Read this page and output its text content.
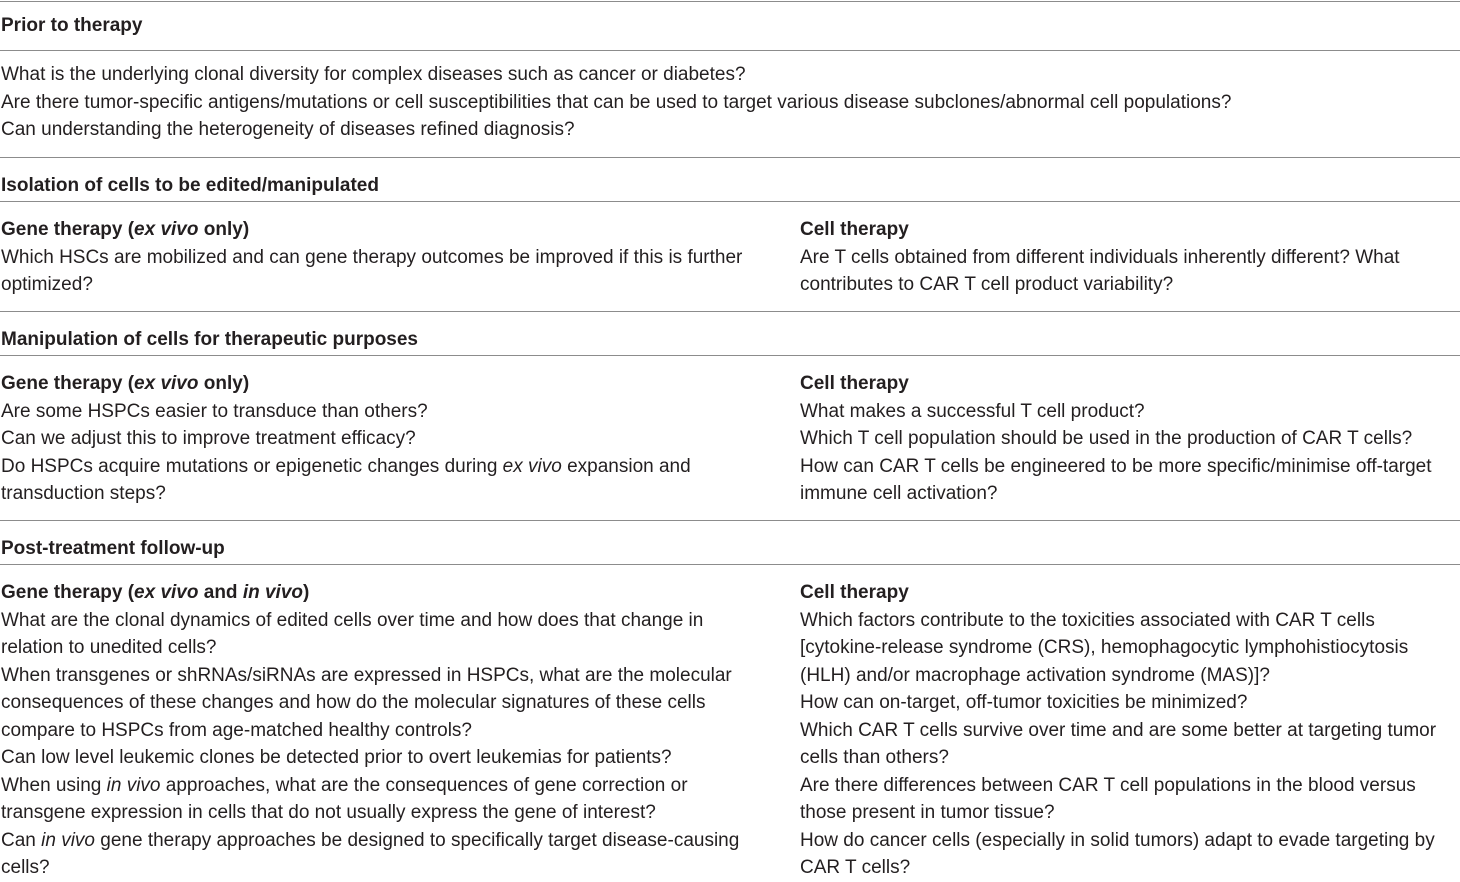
Prior to therapy
What is the underlying clonal diversity for complex diseases such as cancer or diabetes?
Are there tumor-specific antigens/mutations or cell susceptibilities that can be used to target various disease subclones/abnormal cell populations?
Can understanding the heterogeneity of diseases refined diagnosis?
Isolation of cells to be edited/manipulated
Gene therapy (ex vivo only)
Which HSCs are mobilized and can gene therapy outcomes be improved if this is further
optimized?
Cell therapy
Are T cells obtained from different individuals inherently different? What
contributes to CAR T cell product variability?
Manipulation of cells for therapeutic purposes
Gene therapy (ex vivo only)
Are some HSPCs easier to transduce than others?
Can we adjust this to improve treatment efficacy?
Do HSPCs acquire mutations or epigenetic changes during ex vivo expansion and
transduction steps?
Cell therapy
What makes a successful T cell product?
Which T cell population should be used in the production of CAR T cells?
How can CAR T cells be engineered to be more specific/minimise off-target
immune cell activation?
Post-treatment follow-up
Gene therapy (ex vivo and in vivo)
What are the clonal dynamics of edited cells over time and how does that change in
relation to unedited cells?
When transgenes or shRNAs/siRNAs are expressed in HSPCs, what are the molecular
consequences of these changes and how do the molecular signatures of these cells
compare to HSPCs from age-matched healthy controls?
Can low level leukemic clones be detected prior to overt leukemias for patients?
When using in vivo approaches, what are the consequences of gene correction or
transgene expression in cells that do not usually express the gene of interest?
Can in vivo gene therapy approaches be designed to specifically target disease-causing
cells?
Cell therapy
Which factors contribute to the toxicities associated with CAR T cells
[cytokine-release syndrome (CRS), hemophagocytic lymphohistiocytosis
(HLH) and/or macrophage activation syndrome (MAS)]?
How can on-target, off-tumor toxicities be minimized?
Which CAR T cells survive over time and are some better at targeting tumor
cells than others?
Are there differences between CAR T cell populations in the blood versus
those present in tumor tissue?
How do cancer cells (especially in solid tumors) adapt to evade targeting by
CAR T cells?
